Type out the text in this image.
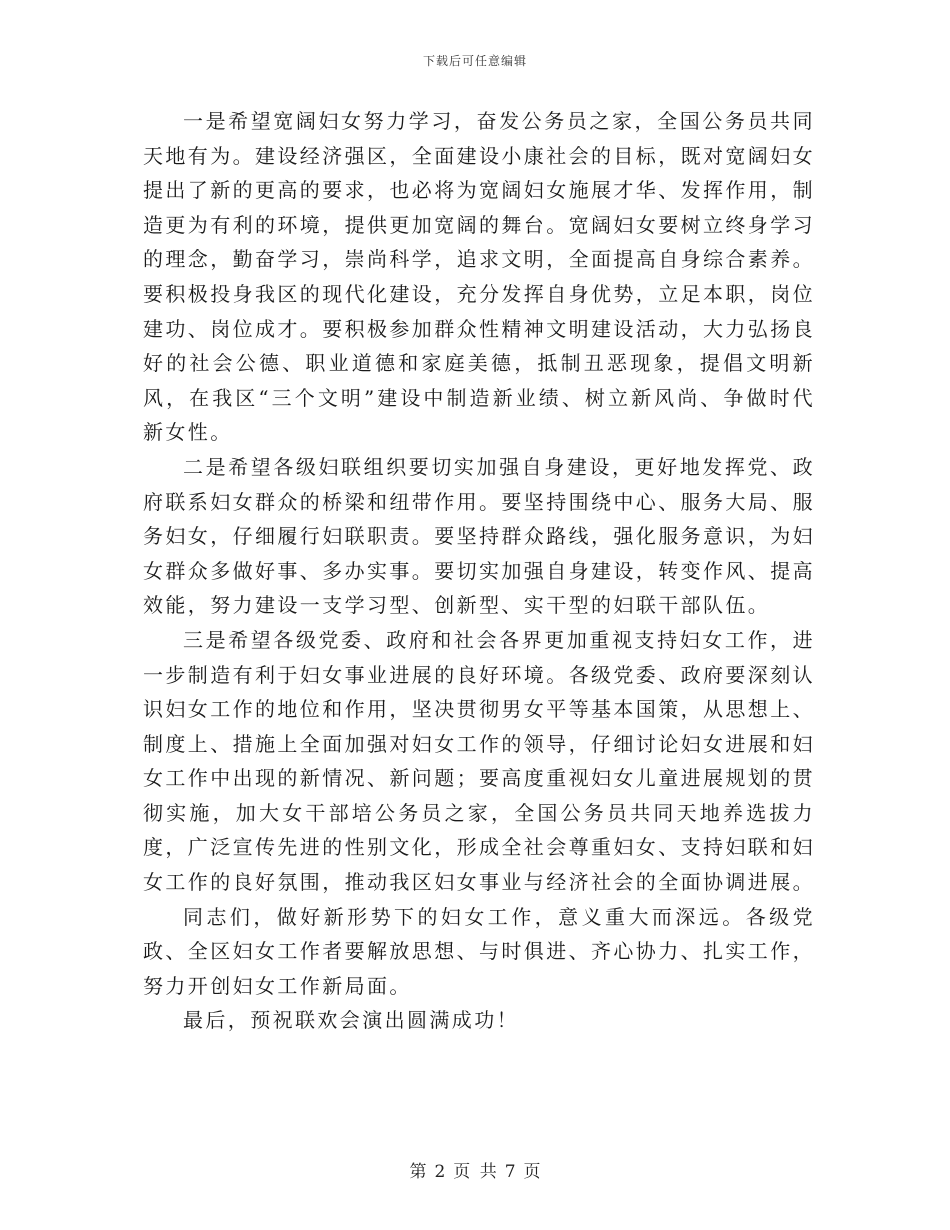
下载后可任意编辑

一是希望宽阔妇女努力学习，奋发公务员之家，全国公务员共同天地有为。建设经济强区，全面建设小康社会的目标，既对宽阔妇女提出了新的更高的要求，也必将为宽阔妇女施展才华、发挥作用，制造更为有利的环境，提供更加宽阔的舞台。宽阔妇女要树立终身学习的理念，勤奋学习，崇尚科学，追求文明，全面提高自身综合素养。要积极投身我区的现代化建设，充分发挥自身优势，立足本职，岗位建功、岗位成才。要积极参加群众性精神文明建设活动，大力弘扬良好的社会公德、职业道德和家庭美德，抵制丑恶现象，提倡文明新风，在我区“三个文明”建设中制造新业绩、树立新风尚、争做时代新女性。

二是希望各级妇联组织要切实加强自身建设，更好地发挥党、政府联系妇女群众的桥梁和纽带作用。要坚持围绕中心、服务大局、服务妇女，仔细履行妇联职责。要坚持群众路线，强化服务意识，为妇女群众多做好事、多办实事。要切实加强自身建设，转变作风、提高效能，努力建设一支学习型、创新型、实干型的妇联干部队伍。

三是希望各级党委、政府和社会各界更加重视支持妇女工作，进一步制造有利于妇女事业进展的良好环境。各级党委、政府要深刻认识妇女工作的地位和作用，坚决贯彻男女平等基本国策，从思想上、制度上、措施上全面加强对妇女工作的领导，仔细讨论妇女进展和妇女工作中出现的新情况、新问题；要高度重视妇女儿童进展规划的贯彻实施，加大女干部培公务员之家，全国公务员共同天地养选拔力度，广泛宣传先进的性别文化，形成全社会尊重妇女、支持妇联和妇女工作的良好氛围，推动我区妇女事业与经济社会的全面协调进展。

同志们，做好新形势下的妇女工作，意义重大而深远。各级党政、全区妇女工作者要解放思想、与时俱进、齐心协力、扎实工作，努力开创妇女工作新局面。

最后，预祝联欢会演出圆满成功！

第 2 页 共 7 页
